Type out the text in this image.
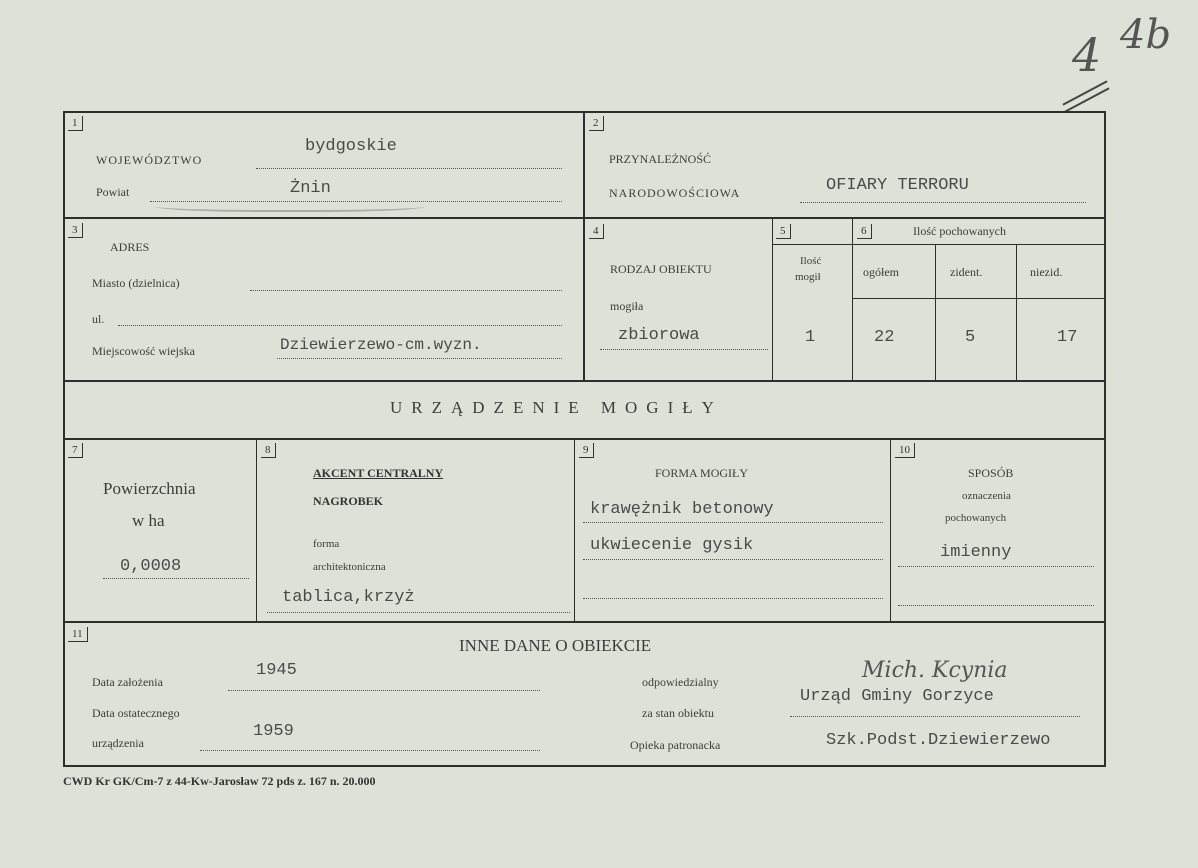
4 4b
1	2
3	4	5	6
7	8	9	10
11
WOJEWÓDZTWO
bydgoskie
Powiat	Żnin
PRZYNALEŻNOŚĆ
NARODOWOŚCIOWA	OFIARY TERRORU
ADRES
Miasto (dzielnica)
ul.
Miejscowość wiejska	Dziewierzewo-cm.wyzn.
RODZAJ OBIEKTU
mogiła
zbiorowa
Ilość
mogił
1
Ilość pochowanych
ogółem	zident.	niezid.
22	5	17
URZĄDZENIE MOGIŁY
Powierzchnia
w ha
0,0008
AKCENT CENTRALNY
NAGROBEK
forma
architektoniczna
tablica,krzyż
FORMA MOGIŁY
krawężnik betonowy
ukwiecenie gysik
SPOSÓB
oznaczenia
pochowanych
imienny
INNE DANE O OBIEKCIE
Data założenia
1945
Data ostatecznego
urządzenia
1959
odpowiedzialny
za stan obiektu
Mich. Kcynia
Urząd Gminy Gorzyce
Opieka patronacka	Szk.Podst.Dziewierzewo
CWD Kr GK/Cm-7 z 44-Kw-Jarosław 72 pds z. 167 n. 20.000
